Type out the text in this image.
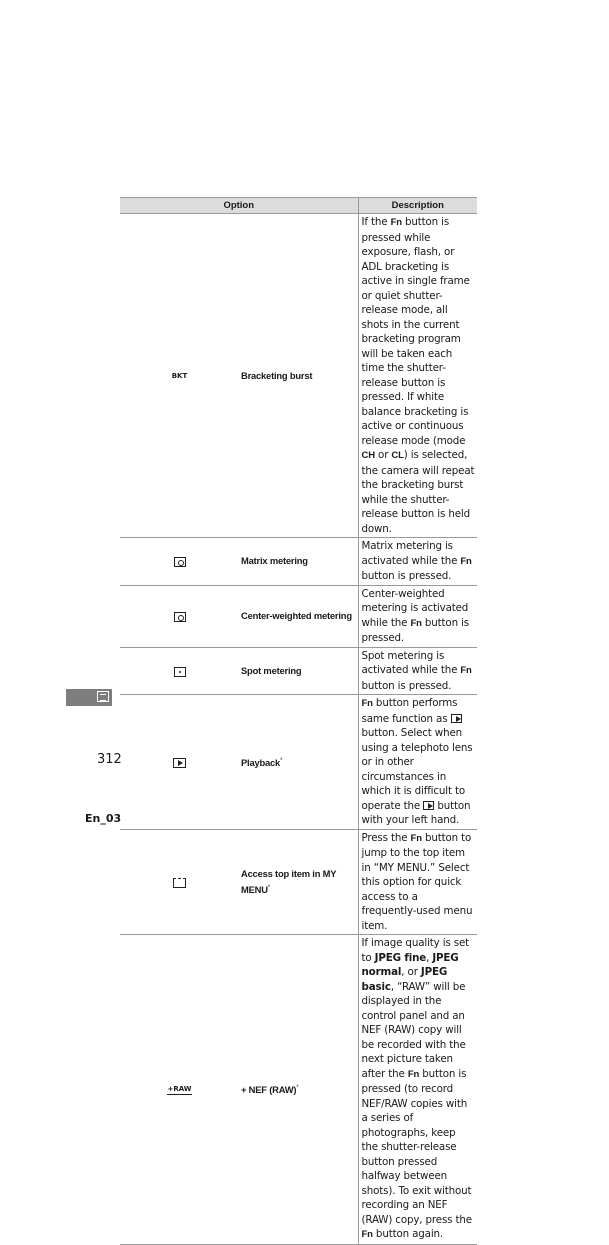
Option		Description
BKT	Bracketing burst	If the Fn button is pressed while exposure, flash, or ADL bracketing is active in single frame or quiet shutter-release mode, all shots in the current bracketing program will be taken each time the shutter-release button is pressed. If white balance bracketing is active or continuous release mode (mode CH or CL) is selected, the camera will repeat the bracketing burst while the shutter-release button is held down.

	Matrix metering	Matrix metering is activated while the Fn button is pressed.

	Center-weighted metering	Center-weighted metering is activated while the Fn button is pressed.

	Spot metering	Spot metering is activated while the Fn button is pressed.
	Playback*	Fn button performs same function as  button. Select when using a telephoto lens or in other circumstances in which it is difficult to operate the  button with your left hand.
	Access top item in MY MENU*	Press the Fn button to jump to the top item in “MY MENU.” Select this option for quick access to a frequently-used menu item.
+RAW	+ NEF (RAW)*	If image quality is set to JPEG fine, JPEG normal, or JPEG basic, “RAW” will be displayed in the control panel and an NEF (RAW) copy will be recorded with the next picture taken after the Fn button is pressed (to record NEF/RAW copies with a series of photographs, keep the shutter-release button pressed halfway between shots). To exit without recording an NEF (RAW) copy, press the Fn button again.
312
En_03
